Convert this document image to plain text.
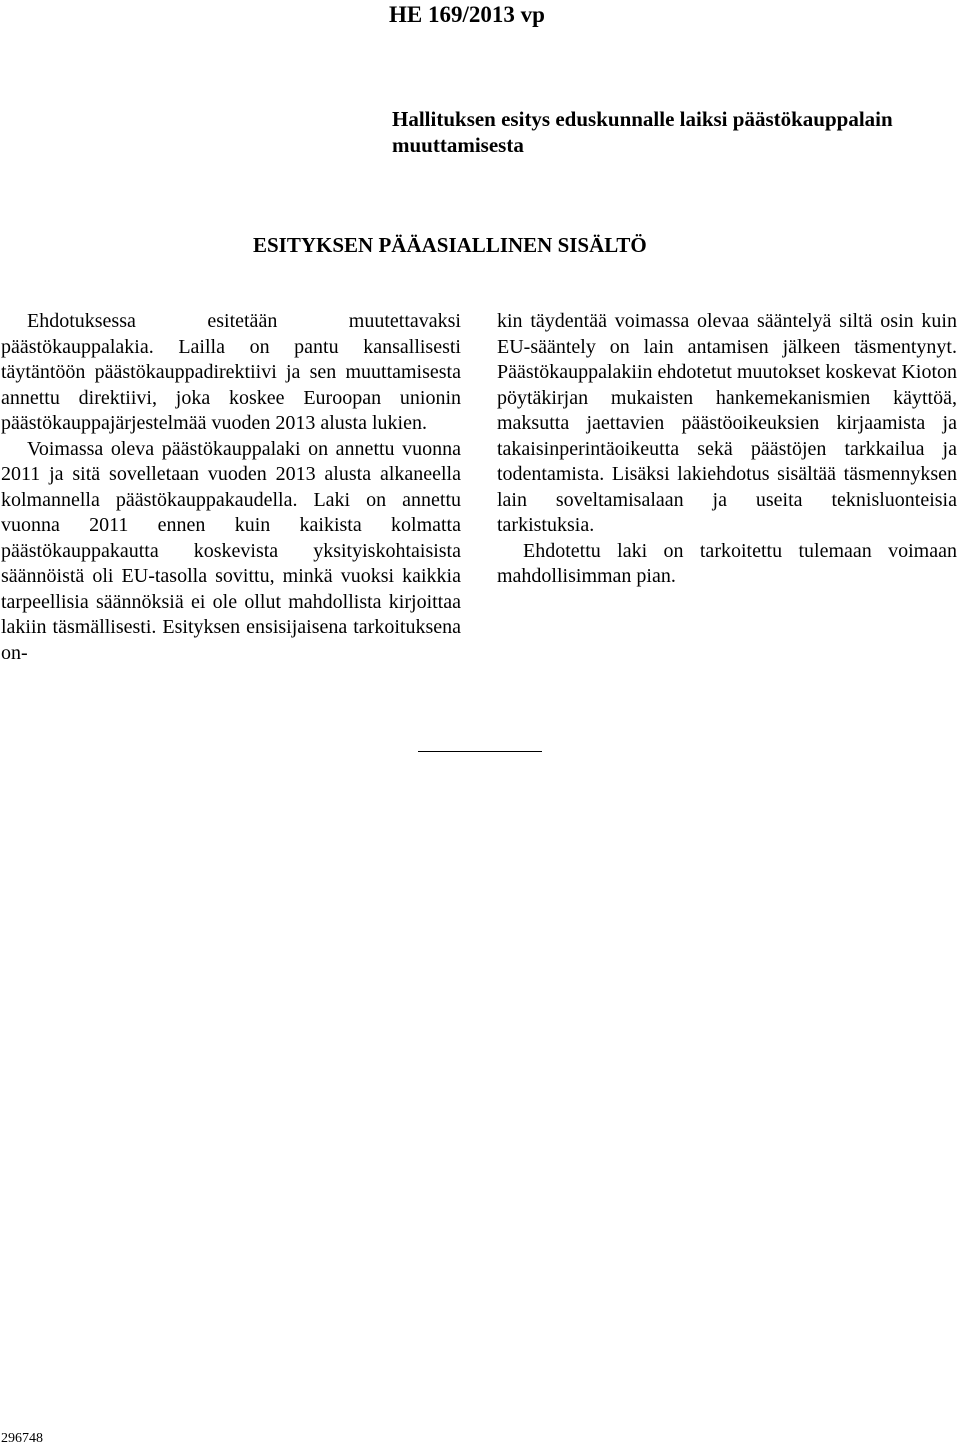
HE 169/2013 vp
Hallituksen esitys eduskunnalle laiksi päästökauppalain muuttamisesta
ESITYKSEN PÄÄASIALLINEN SISÄLTÖ

Ehdotuksessa esitetään muutettavaksi päästökauppalakia. Lailla on pantu kansallisesti täytäntöön päästökauppadirektiivi ja sen muuttamisesta annettu direktiivi, joka koskee Euroopan unionin päästökauppajärjestelmää vuoden 2013 alusta lukien.

Voimassa oleva päästökauppalaki on annettu vuonna 2011 ja sitä sovelletaan vuoden 2013 alusta alkaneella kolmannella päästökauppakaudella. Laki on annettu vuonna 2011 ennen kuin kaikista kolmatta päästökauppakautta koskevista yksityiskohtaisista säännöistä oli EU-tasolla sovittu, minkä vuoksi kaikkia tarpeellisia säännöksiä ei ole ollut mahdollista kirjoittaa lakiin täsmällisesti. Esityksen ensisijaisena tarkoituksena on-

kin täydentää voimassa olevaa sääntelyä siltä osin kuin EU-sääntely on lain antamisen jälkeen täsmentynyt. Päästökauppalakiin ehdotetut muutokset koskevat Kioton pöytäkirjan mukaisten hankemekanismien käyttöä, maksutta jaettavien päästöoikeuksien kirjaamista ja takaisinperintäoikeutta sekä päästöjen tarkkailua ja todentamista. Lisäksi lakiehdotus sisältää täsmennyksen lain soveltamisalaan ja useita teknisluonteisia tarkistuksia.

Ehdotettu laki on tarkoitettu tulemaan voimaan mahdollisimman pian.

296748
